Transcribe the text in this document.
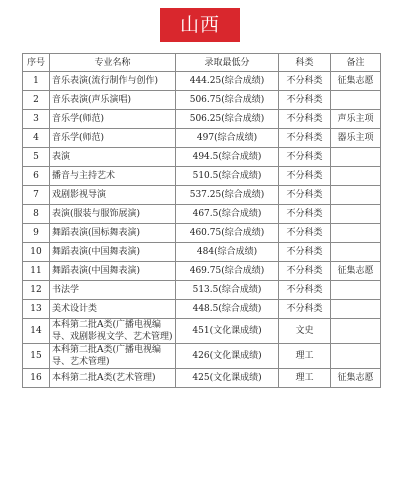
山西
序号	专业名称	录取最低分	科类	备注
1	音乐表演(流行制作与创作)	444.25(综合成绩)	不分科类	征集志愿
2	音乐表演(声乐演唱)	506.75(综合成绩)	不分科类	
3	音乐学(师范)	506.25(综合成绩)	不分科类	声乐主项
4	音乐学(师范)	497(综合成绩)	不分科类	器乐主项
5	表演	494.5(综合成绩)	不分科类	
6	播音与主持艺术	510.5(综合成绩)	不分科类	
7	戏剧影视导演	537.25(综合成绩)	不分科类	
8	表演(服装与服饰展演)	467.5(综合成绩)	不分科类	
9	舞蹈表演(国标舞表演)	460.75(综合成绩)	不分科类	
10	舞蹈表演(中国舞表演)	484(综合成绩)	不分科类	
11	舞蹈表演(中国舞表演)	469.75(综合成绩)	不分科类	征集志愿
12	书法学	513.5(综合成绩)	不分科类	
13	美术设计类	448.5(综合成绩)	不分科类	
14	本科第二批A类(广播电视编导、戏剧影视文学、艺术管理)	451(文化课成绩)	文史	
15	本科第二批A类(广播电视编导、艺术管理)	426(文化课成绩)	理工	
16	本科第二批A类(艺术管理)	425(文化课成绩)	理工	征集志愿
